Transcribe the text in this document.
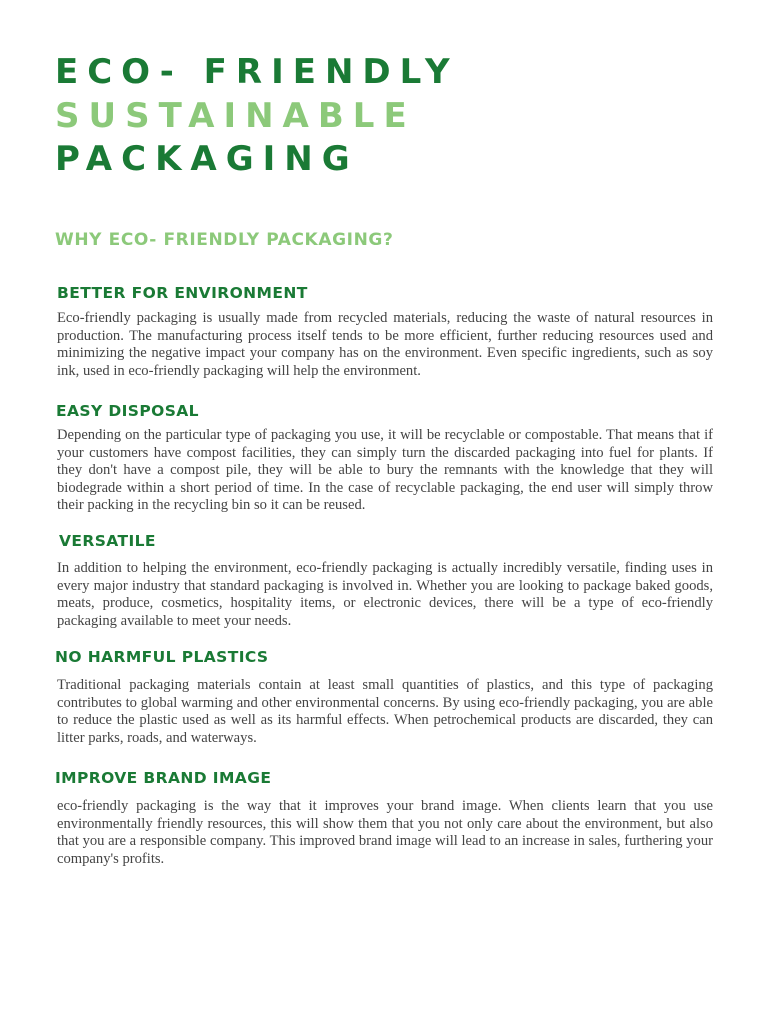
ECO- FRIENDLY
SUSTAINABLE
PACKAGING
WHY ECO- FRIENDLY PACKAGING?
BETTER FOR ENVIRONMENT

Eco-friendly packaging is usually made from recycled materials, reducing the waste of natural resources in production. The manufacturing process itself tends to be more efficient, further reducing resources used and minimizing the negative impact your company has on the environment. Even specific ingredients, such as soy ink, used in eco-friendly packaging will help the environment.

EASY DISPOSAL

Depending on the particular type of packaging you use, it will be recyclable or compostable. That means that if your customers have compost facilities, they can simply turn the discarded packaging into fuel for plants. If they don't have a compost pile, they will be able to bury the remnants with the knowledge that they will biodegrade within a short period of time. In the case of recyclable packaging, the end user will simply throw their packing in the recycling bin so it can be reused.

VERSATILE

In addition to helping the environment, eco-friendly packaging is actually incredibly versatile, finding uses in every major industry that standard packaging is involved in. Whether you are looking to package baked goods, meats, produce, cosmetics, hospitality items, or electronic devices, there will be a type of eco-friendly packaging available to meet your needs.

NO HARMFUL PLASTICS

Traditional packaging materials contain at least small quantities of plastics, and this type of packaging contributes to global warming and other environmental concerns. By using eco-friendly packaging, you are able to reduce the plastic used as well as its harmful effects. When petrochemical products are discarded, they can litter parks, roads, and waterways.

IMPROVE BRAND IMAGE

eco-friendly packaging is the way that it improves your brand image. When clients learn that you use environmentally friendly resources, this will show them that you not only care about the environment, but also that you are a responsible company. This improved brand image will lead to an increase in sales, furthering your company's profits.
